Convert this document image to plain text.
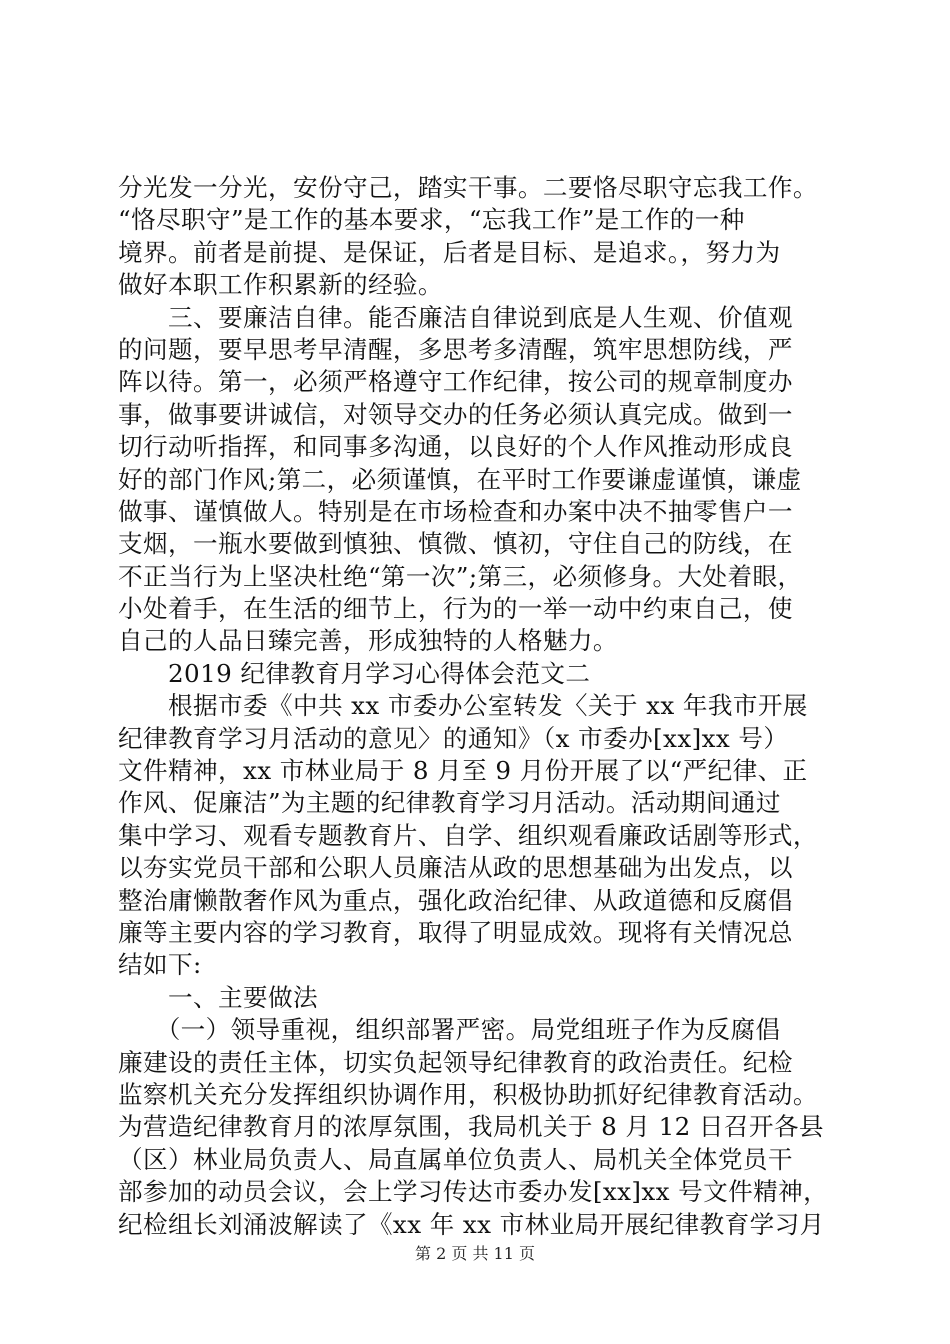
分光发一分光，安份守己，踏实干事。二要恪尽职守忘我工作。
“恪尽职守”是工作的基本要求，“忘我工作”是工作的一种
境界。前者是前提、是保证，后者是目标、是追求。，努力为
做好本职工作积累新的经验。
　　三、要廉洁自律。能否廉洁自律说到底是人生观、价值观
的问题，要早思考早清醒，多思考多清醒，筑牢思想防线，严
阵以待。第一，必须严格遵守工作纪律，按公司的规章制度办
事，做事要讲诚信，对领导交办的任务必须认真完成。做到一
切行动听指挥，和同事多沟通，以良好的个人作风推动形成良
好的部门作风;第二，必须谨慎，在平时工作要谦虚谨慎，谦虚
做事、谨慎做人。特别是在市场检查和办案中决不抽零售户一
支烟，一瓶水要做到慎独、慎微、慎初，守住自己的防线，在
不正当行为上坚决杜绝“第一次”;第三，必须修身。大处着眼，
小处着手，在生活的细节上，行为的一举一动中约束自己，使
自己的人品日臻完善，形成独特的人格魅力。
　　2019 纪律教育月学习心得体会范文二
　　根据市委《中共 xx 市委办公室转发〈关于 xx 年我市开展
纪律教育学习月活动的意见〉的通知》（x 市委办[xx]xx 号）
文件精神，xx 市林业局于 8 月至 9 月份开展了以“严纪律、正
作风、促廉洁”为主题的纪律教育学习月活动。活动期间通过
集中学习、观看专题教育片、自学、组织观看廉政话剧等形式，
以夯实党员干部和公职人员廉洁从政的思想基础为出发点，以
整治庸懒散奢作风为重点，强化政治纪律、从政道德和反腐倡
廉等主要内容的学习教育，取得了明显成效。现将有关情况总
结如下:
　　一、主要做法
　　（一）领导重视，组织部署严密。局党组班子作为反腐倡
廉建设的责任主体，切实负起领导纪律教育的政治责任。纪检
监察机关充分发挥组织协调作用，积极协助抓好纪律教育活动。
为营造纪律教育月的浓厚氛围，我局机关于 8 月 12 日召开各县
（区）林业局负责人、局直属单位负责人、局机关全体党员干
部参加的动员会议，会上学习传达市委办发[xx]xx 号文件精神，
纪检组长刘涌波解读了《xx 年 xx 市林业局开展纪律教育学习月
第 2 页 共 11 页
